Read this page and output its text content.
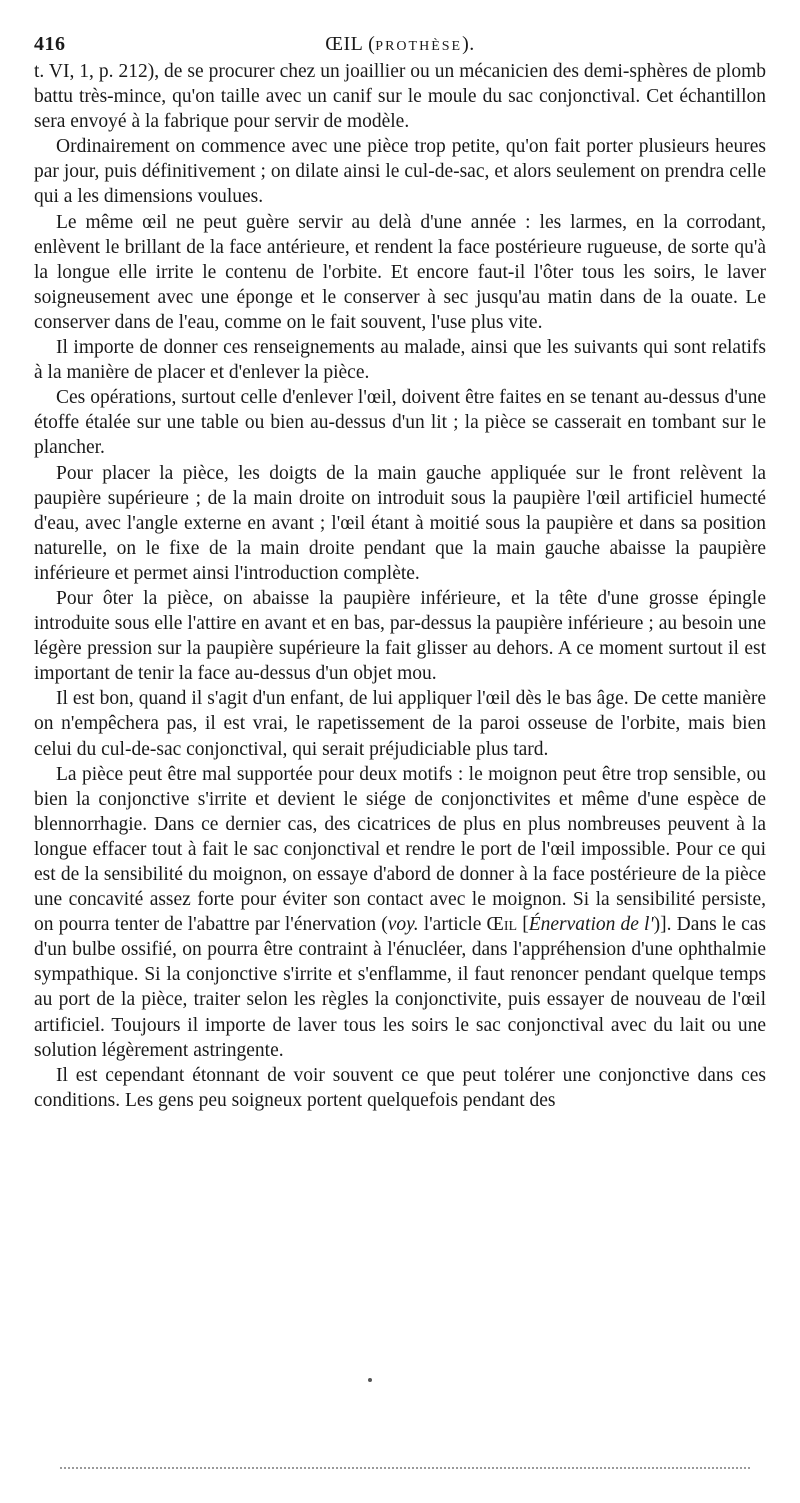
416	ŒIL (PROTHÈSE).

t. VI, 1, p. 212), de se procurer chez un joaillier ou un mécanicien des demi-sphères de plomb battu très-mince, qu'on taille avec un canif sur le moule du sac conjonctival. Cet échantillon sera envoyé à la fabrique pour servir de modèle.

Ordinairement on commence avec une pièce trop petite, qu'on fait porter plusieurs heures par jour, puis définitivement ; on dilate ainsi le cul-de-sac, et alors seulement on prendra celle qui a les dimensions voulues.

Le même œil ne peut guère servir au delà d'une année : les larmes, en la corrodant, enlèvent le brillant de la face antérieure, et rendent la face postérieure rugueuse, de sorte qu'à la longue elle irrite le contenu de l'orbite. Et encore faut-il l'ôter tous les soirs, le laver soigneusement avec une éponge et le conserver à sec jusqu'au matin dans de la ouate. Le conserver dans de l'eau, comme on le fait souvent, l'use plus vite.

Il importe de donner ces renseignements au malade, ainsi que les suivants qui sont relatifs à la manière de placer et d'enlever la pièce.

Ces opérations, surtout celle d'enlever l'œil, doivent être faites en se tenant au-dessus d'une étoffe étalée sur une table ou bien au-dessus d'un lit ; la pièce se casserait en tombant sur le plancher.

Pour placer la pièce, les doigts de la main gauche appliquée sur le front relèvent la paupière supérieure ; de la main droite on introduit sous la paupière l'œil artificiel humecté d'eau, avec l'angle externe en avant ; l'œil étant à moitié sous la paupière et dans sa position naturelle, on le fixe de la main droite pendant que la main gauche abaisse la paupière inférieure et permet ainsi l'introduction complète.

Pour ôter la pièce, on abaisse la paupière inférieure, et la tête d'une grosse épingle introduite sous elle l'attire en avant et en bas, par-dessus la paupière inférieure ; au besoin une légère pression sur la paupière supérieure la fait glisser au dehors. A ce moment surtout il est important de tenir la face au-dessus d'un objet mou.

Il est bon, quand il s'agit d'un enfant, de lui appliquer l'œil dès le bas âge. De cette manière on n'empêchera pas, il est vrai, le rapetissement de la paroi osseuse de l'orbite, mais bien celui du cul-de-sac conjonctival, qui serait préjudiciable plus tard.

La pièce peut être mal supportée pour deux motifs : le moignon peut être trop sensible, ou bien la conjonctive s'irrite et devient le siége de conjonctivites et même d'une espèce de blennorrhagie. Dans ce dernier cas, des cicatrices de plus en plus nombreuses peuvent à la longue effacer tout à fait le sac conjonctival et rendre le port de l'œil impossible. Pour ce qui est de la sensibilité du moignon, on essaye d'abord de donner à la face postérieure de la pièce une concavité assez forte pour éviter son contact avec le moignon. Si la sensibilité persiste, on pourra tenter de l'abattre par l'énervation (voy. l'article Œil [Énervation de l')]. Dans le cas d'un bulbe ossifié, on pourra être contraint à l'énucléer, dans l'appréhension d'une ophthalmie sympathique. Si la conjonctive s'irrite et s'enflamme, il faut renoncer pendant quelque temps au port de la pièce, traiter selon les règles la conjonctivite, puis essayer de nouveau de l'œil artificiel. Toujours il importe de laver tous les soirs le sac conjonctival avec du lait ou une solution légèrement astringente.

Il est cependant étonnant de voir souvent ce que peut tolérer une conjonctive dans ces conditions. Les gens peu soigneux portent quelquefois pendant des
